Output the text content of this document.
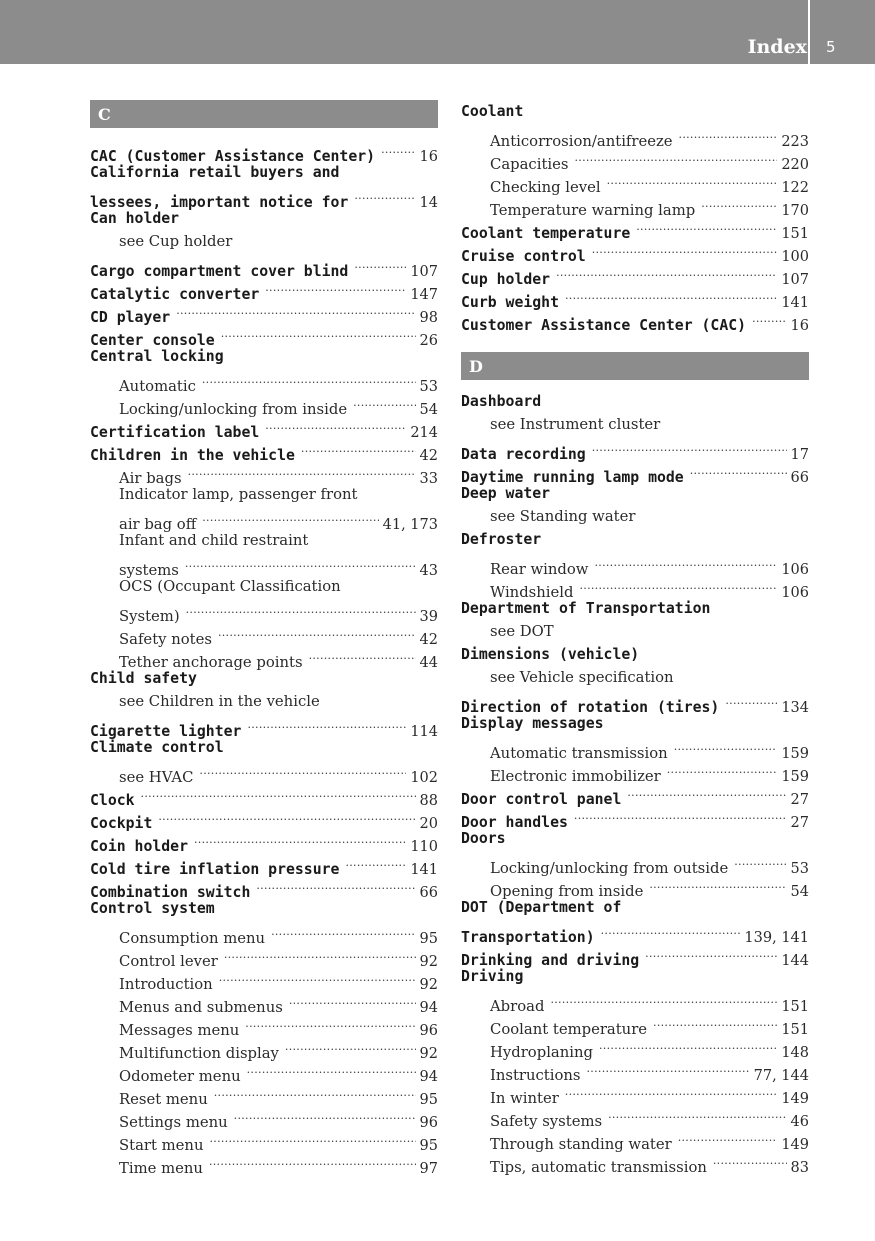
Index 5
C
CAC (Customer Assistance Center) . . .	16
California retail buyers and
lessees, important notice for . . .	14
Can holder
see Cup holder
Cargo compartment cover blind . . .	107
Catalytic converter . . .	147
CD player . . .	98
Center console . . .	26
Central locking
Automatic . . .	53
Locking/unlocking from inside . . .	54
Certification label . . .	214
Children in the vehicle . . .	42
Air bags . . .	33
Indicator lamp, passenger front
air bag off . . .	41, 173
Infant and child restraint
systems . . .	43
OCS (Occupant Classification
System) . . .	39
Safety notes . . .	42
Tether anchorage points . . .	44
Child safety
see Children in the vehicle
Cigarette lighter . . .	114
Climate control
see HVAC . . .	102
Clock . . .	88
Cockpit . . .	20
Coin holder . . .	110
Cold tire inflation pressure . . .	141
Combination switch . . .	66
Control system
Consumption menu . . .	95
Control lever . . .	92
Introduction . . .	92
Menus and submenus . . .	94
Messages menu . . .	96
Multifunction display . . .	92
Odometer menu . . .	94
Reset menu . . .	95
Settings menu . . .	96
Start menu . . .	95
Time menu . . .	97
Coolant
Anticorrosion/antifreeze . . .	223
Capacities . . .	220
Checking level . . .	122
Temperature warning lamp . . .	170
Coolant temperature . . .	151
Cruise control . . .	100
Cup holder . . .	107
Curb weight . . .	141
Customer Assistance Center (CAC) . . .	16
D
Dashboard
see Instrument cluster
Data recording . . .	17
Daytime running lamp mode . . .	66
Deep water
see Standing water
Defroster
Rear window . . .	106
Windshield . . .	106
Department of Transportation
see DOT
Dimensions (vehicle)
see Vehicle specification
Direction of rotation (tires) . . .	134
Display messages
Automatic transmission . . .	159
Electronic immobilizer . . .	159
Door control panel . . .	27
Door handles . . .	27
Doors
Locking/unlocking from outside . . .	53
Opening from inside . . .	54
DOT (Department of
Transportation) . . .	139, 141
Drinking and driving . . .	144
Driving
Abroad . . .	151
Coolant temperature . . .	151
Hydroplaning . . .	148
Instructions . . .	77, 144
In winter . . .	149
Safety systems . . .	46
Through standing water . . .	149
Tips, automatic transmission . . .	83
